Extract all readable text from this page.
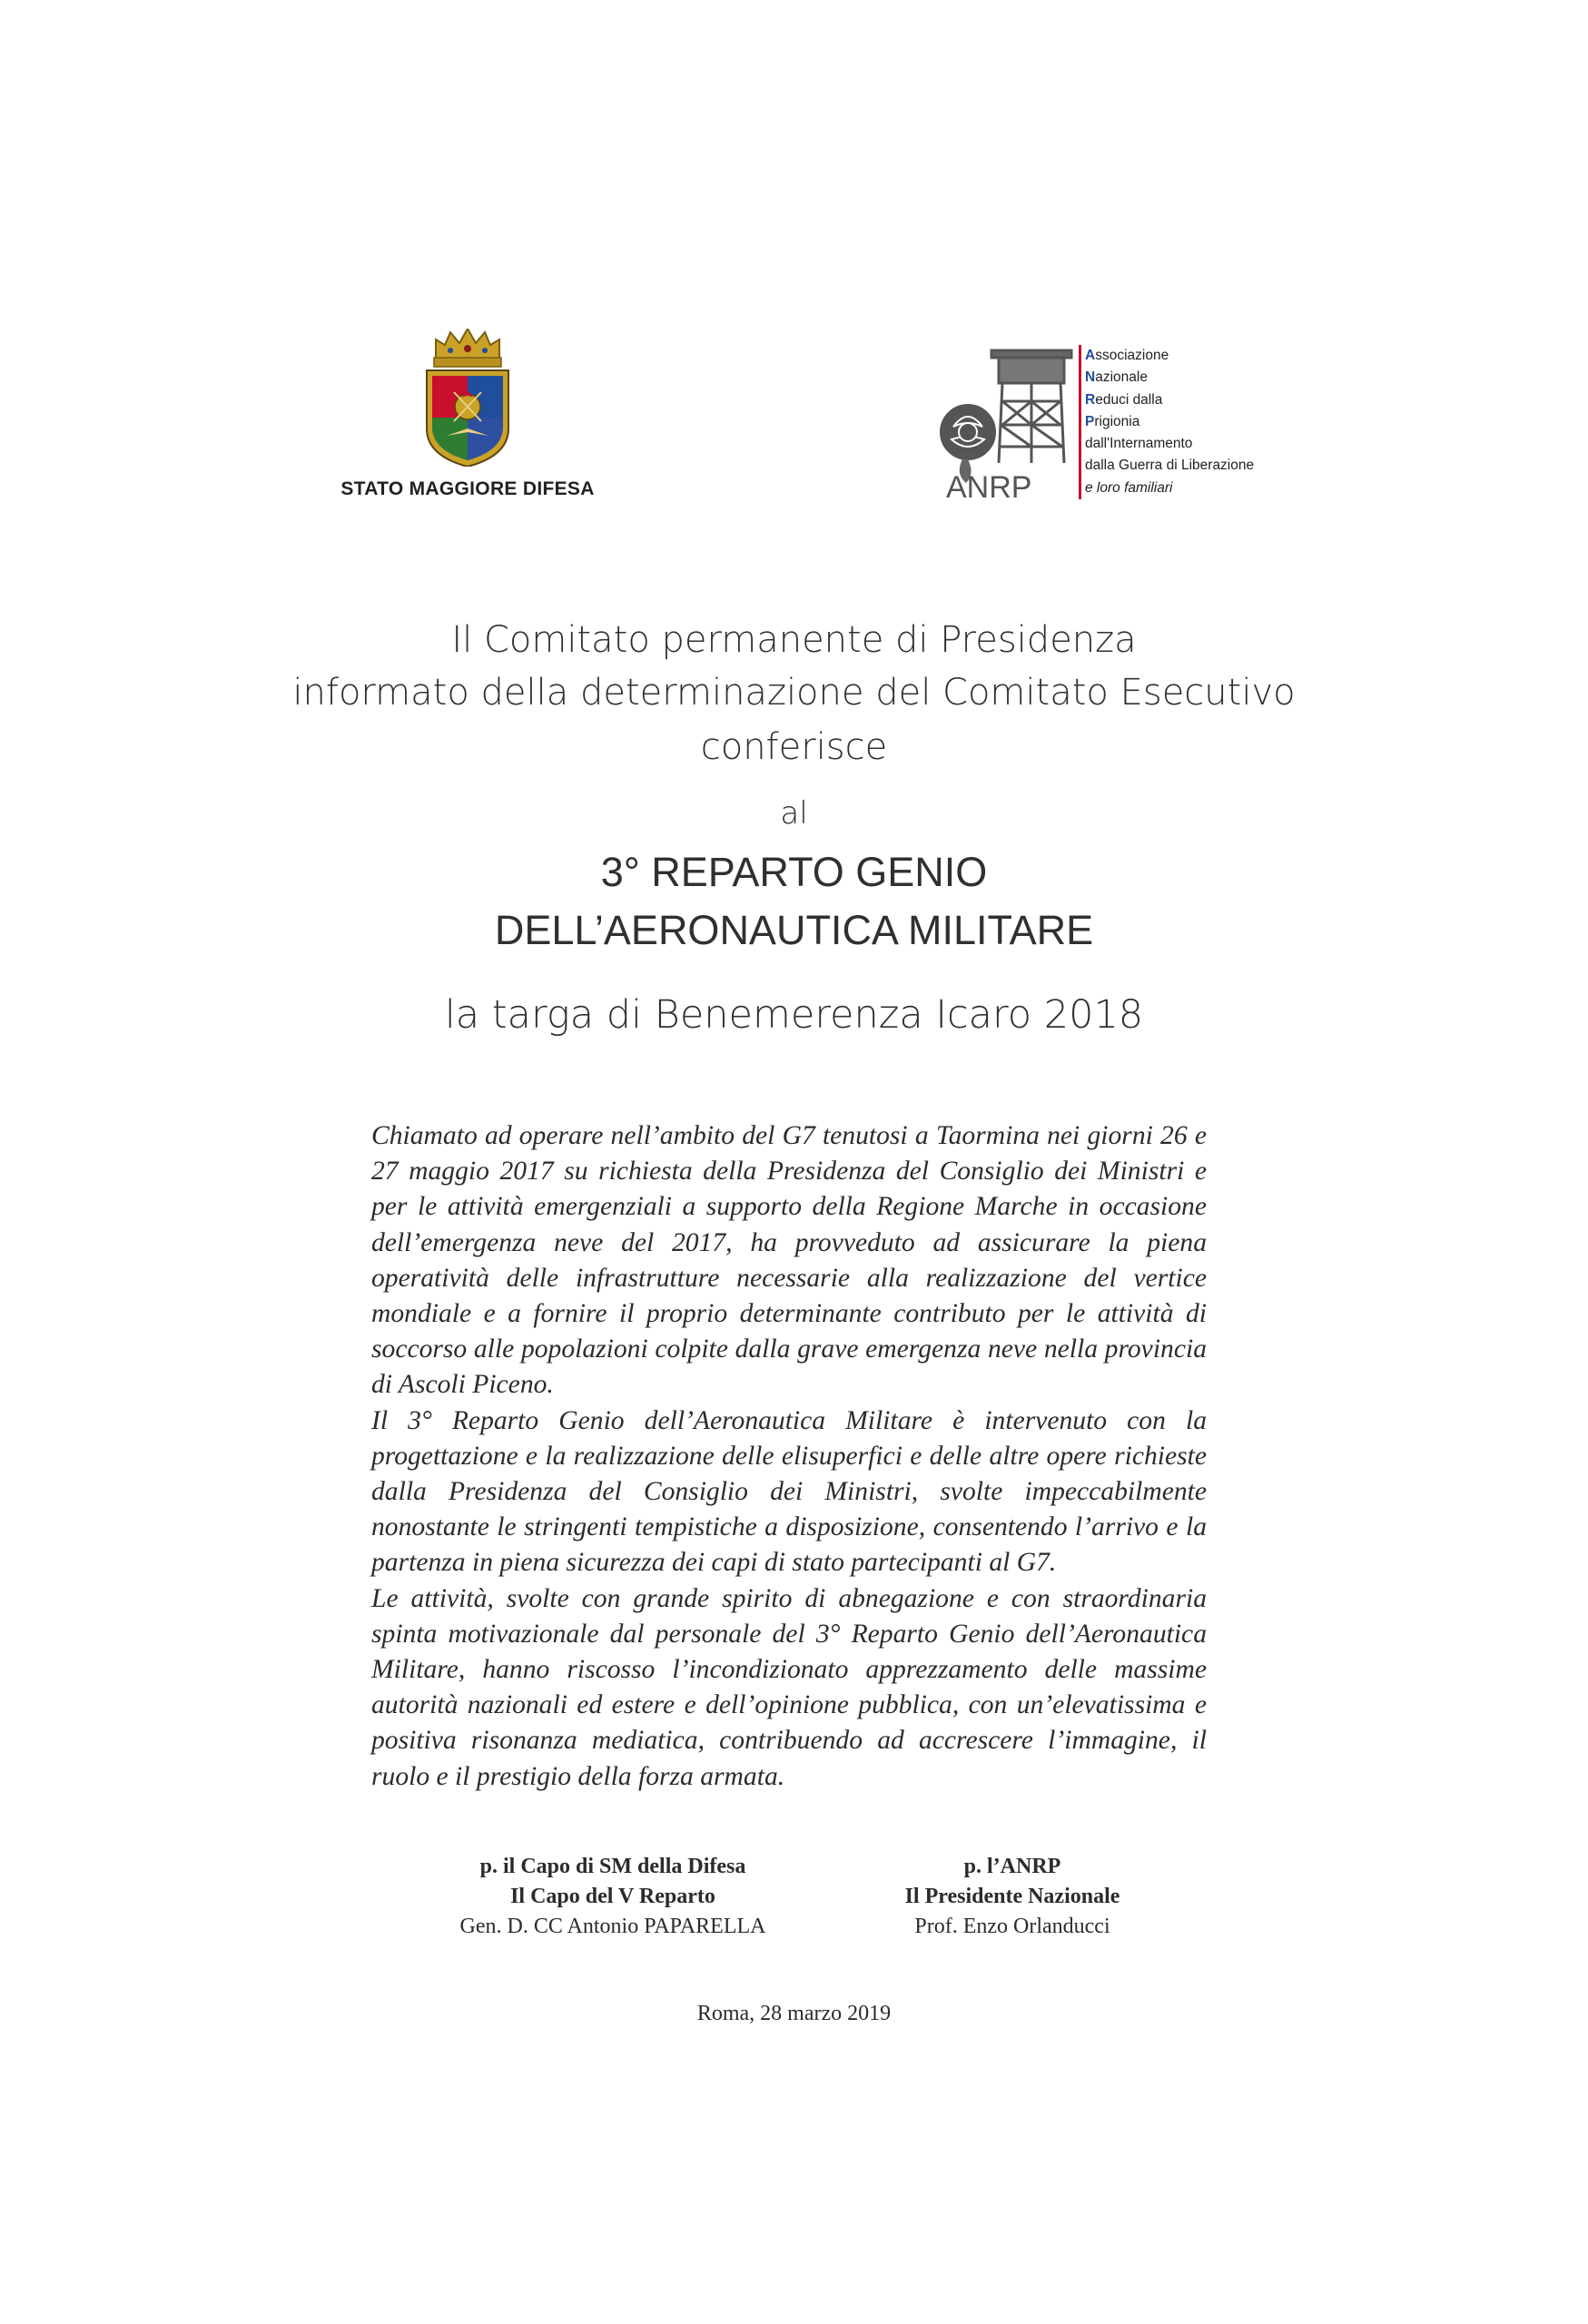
STATO MAGGIORE DIFESA	ANRP
Associazione
Nazionale
Reduci dalla
Prigionia
dall'Internamento
dalla Guerra di Liberazione
e loro familiari
Il Comitato permanente di Presidenza
informato della determinazione del Comitato Esecutivo
conferisce
al
3° REPARTO GENIO
DELL’AERONAUTICA MILITARE
la targa di Benemerenza Icaro 2018

Chiamato ad operare nell’ambito del G7 tenutosi a Taormina nei giorni 26 e 27 maggio 2017 su richiesta della Presidenza del Consiglio dei Ministri e per le attività emergenziali a supporto della Regione Marche in occasione dell’emergenza neve del 2017, ha provveduto ad assicurare la piena operatività delle infrastrutture necessarie alla realizzazione del vertice mondiale e a fornire il proprio determinante contributo per le attività di soccorso alle popolazioni colpite dalla grave emergenza neve nella provincia di Ascoli Piceno.

Il 3° Reparto Genio dell’Aeronautica Militare è intervenuto con la progettazione e la realizzazione delle elisuperfici e delle altre opere richieste dalla Presidenza del Consiglio dei Ministri, svolte impeccabilmente nonostante le stringenti tempistiche a disposizione, consentendo l’arrivo e la partenza in piena sicurezza dei capi di stato partecipanti al G7.

Le attività, svolte con grande spirito di abnegazione e con straordinaria spinta motivazionale dal personale del 3° Reparto Genio dell’Aeronautica Militare, hanno riscosso l’incondizionato apprezzamento delle massime autorità nazionali ed estere e dell’opinione pubblica, con un’elevatissima e positiva risonanza mediatica, contribuendo ad accrescere l’immagine, il ruolo e il prestigio della forza armata.

p. il Capo di SM della Difesa
Il Capo del V Reparto
Gen. D. CC Antonio PAPARELLA
p. l’ANRP
Il Presidente Nazionale
Prof. Enzo Orlanducci
Roma, 28 marzo 2019
